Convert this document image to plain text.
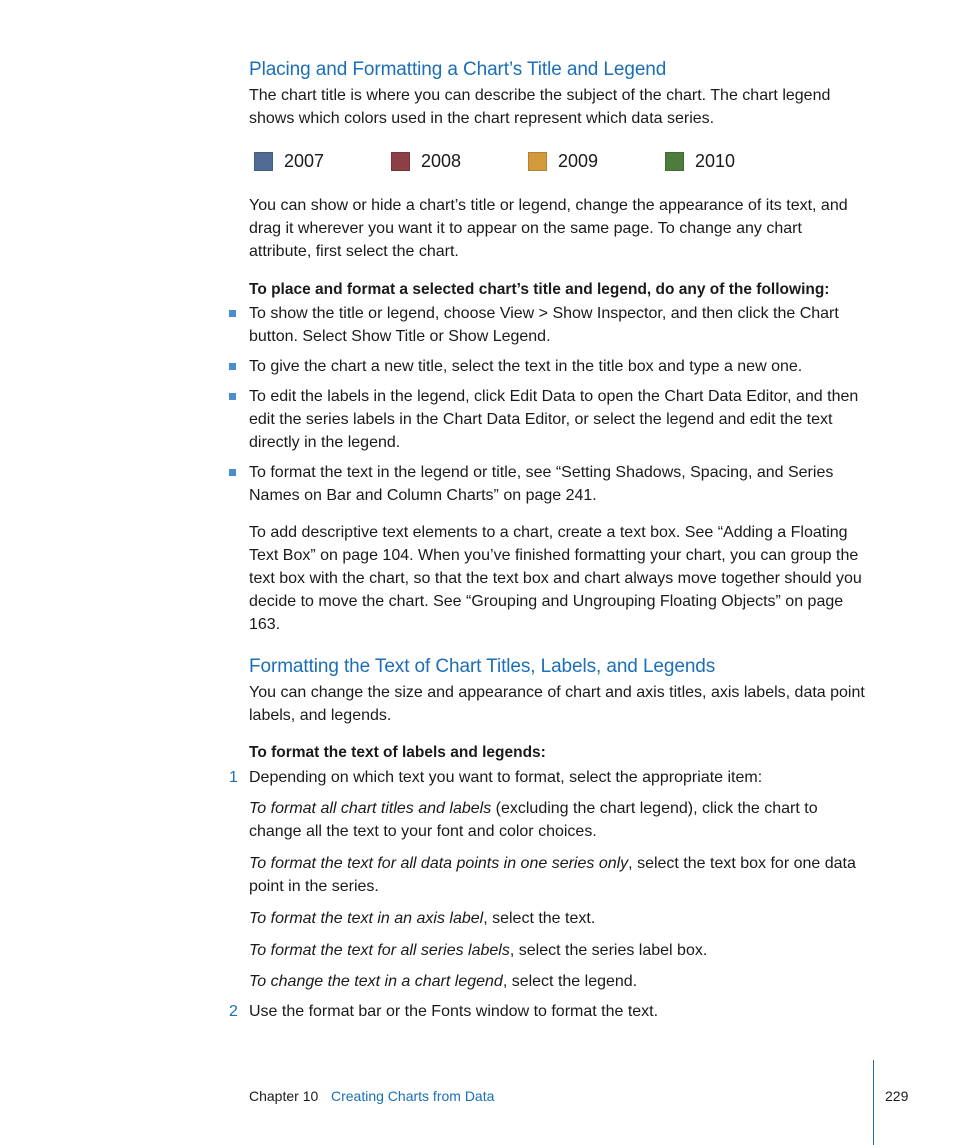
Placing and Formatting a Chart’s Title and Legend

The chart title is where you can describe the subject of the chart. The chart legend shows which colors used in the chart represent which data series.

2007	2008	2009	2010

You can show or hide a chart’s title or legend, change the appearance of its text, and drag it wherever you want it to appear on the same page. To change any chart attribute, first select the chart.

To place and format a selected chart’s title and legend, do any of the following:

To show the title or legend, choose View > Show Inspector, and then click the Chart button. Select Show Title or Show Legend.

To give the chart a new title, select the text in the title box and type a new one.

To edit the labels in the legend, click Edit Data to open the Chart Data Editor, and then edit the series labels in the Chart Data Editor, or select the legend and edit the text directly in the legend.

To format the text in the legend or title, see “Setting Shadows, Spacing, and Series Names on Bar and Column Charts” on page 241.

To add descriptive text elements to a chart, create a text box. See “Adding a Floating Text Box” on page 104. When you’ve finished formatting your chart, you can group the text box with the chart, so that the text box and chart always move together should you decide to move the chart. See “Grouping and Ungrouping Floating Objects” on page 163.

Formatting the Text of Chart Titles, Labels, and Legends

You can change the size and appearance of chart and axis titles, axis labels, data point labels, and legends.

To format the text of labels and legends:

1 Depending on which text you want to format, select the appropriate item:

To format all chart titles and labels (excluding the chart legend), click the chart to change all the text to your font and color choices.

To format the text for all data points in one series only, select the text box for one data point in the series.

To format the text in an axis label, select the text.

To format the text for all series labels, select the series label box.

To change the text in a chart legend, select the legend.

2 Use the format bar or the Fonts window to format the text.

Chapter 10 Creating Charts from Data	229
